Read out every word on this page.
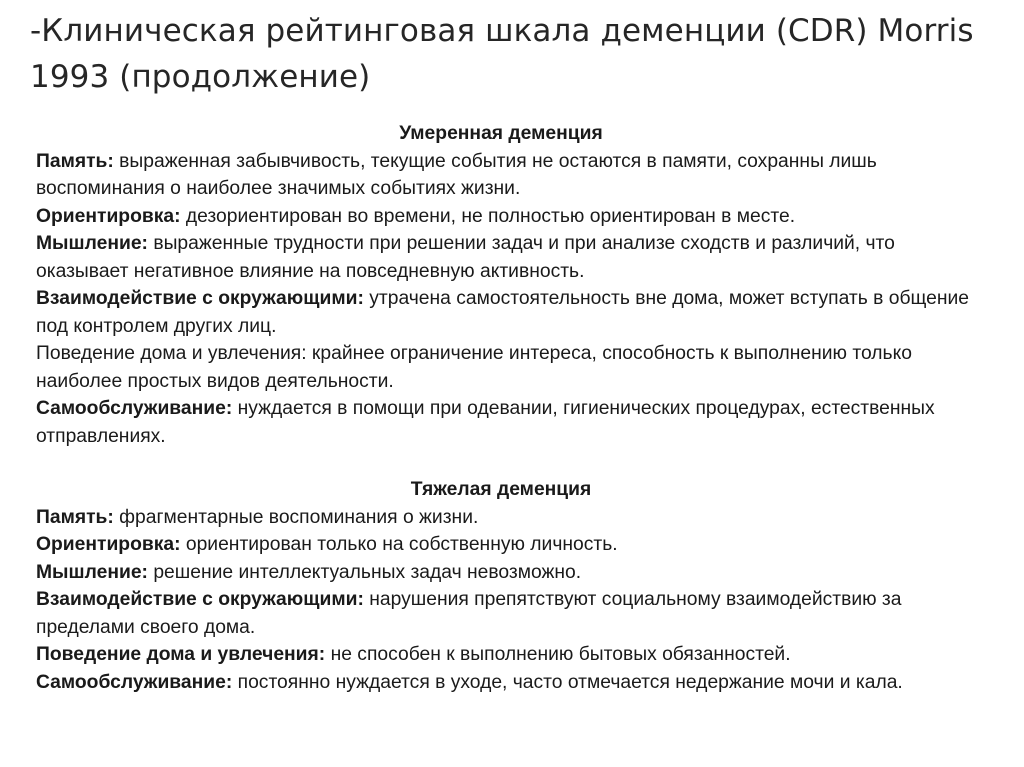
-Клиническая рейтинговая шкала деменции (CDR) Morris 1993 (продолжение)
Умеренная деменция
Память: выраженная забывчивость, текущие события не остаются в памяти, сохранны лишь воспоминания о наиболее значимых событиях жизни.
Ориентировка: дезориентирован во времени, не полностью ориентирован в месте.
Мышление: выраженные трудности при решении задач и при анализе сходств и различий, что оказывает негативное влияние на повседневную активность.
Взаимодействие с окружающими: утрачена самостоятельность вне дома, может вступать в общение под контролем других лиц.
Поведение дома и увлечения: крайнее ограничение интереса, способность к выполнению только наиболее простых видов деятельности.
Самообслуживание: нуждается в помощи при одевании, гигиенических процедурах, естественных отправлениях.
Тяжелая деменция
Память: фрагментарные воспоминания о жизни.
Ориентировка: ориентирован только на собственную личность.
Мышление: решение интеллектуальных задач невозможно.
Взаимодействие с окружающими: нарушения препятствуют социальному взаимодействию за пределами своего дома.
Поведение дома и увлечения: не способен к выполнению бытовых обязанностей.
Самообслуживание: постоянно нуждается в уходе, часто отмечается недержание мочи и кала.
